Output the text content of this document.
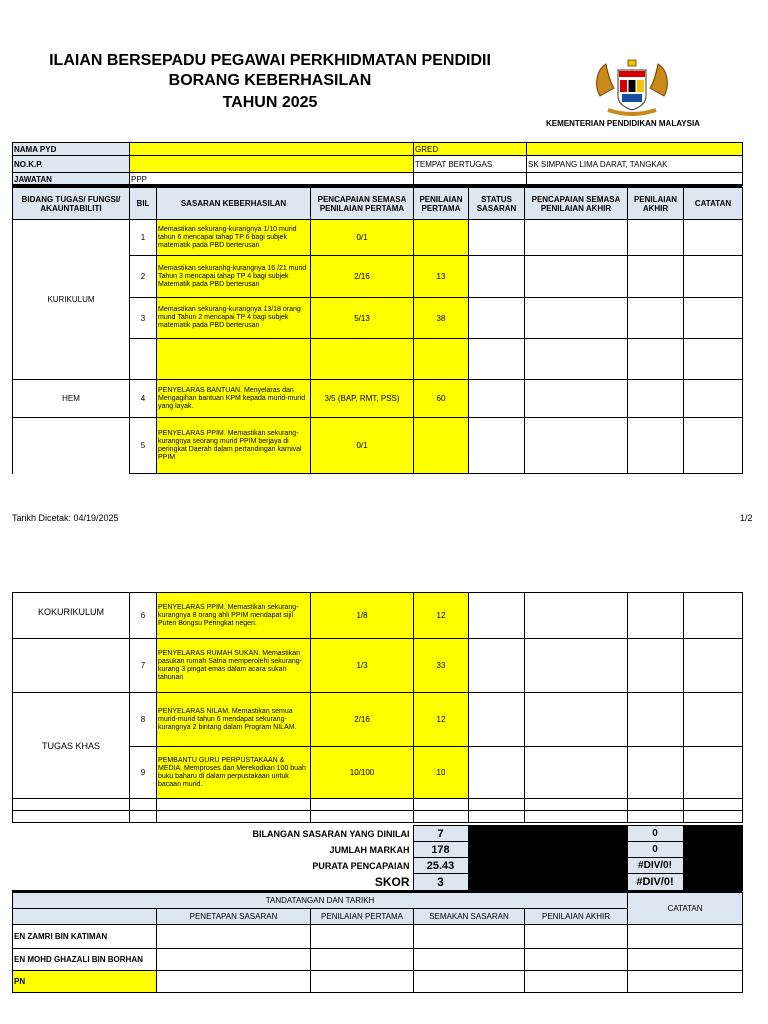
ILAIAN BERSEPADU PEGAWAI PERKHIDMATAN PENDIDII
BORANG KEBERHASILAN
TAHUN 2025
KEMENTERIAN PENDIDIKAN MALAYSIA
NAMA PYD		GRED	
NO.K.P.		TEMPAT BERTUGAS	SK SIMPANG LIMA DARAT, TANGKAK
JAWATAN	PPP		
BIDANG TUGAS/ FUNGSI/ AKAUNTABILITI	BIL	SASARAN KEBERHASILAN	PENCAPAIAN SEMASA PENILAIAN PERTAMA	PENILAIAN PERTAMA	STATUS SASARAN	PENCAPAIAN SEMASA PENILAIAN AKHIR	PENILAIAN AKHIR	CATATAN
KURIKULUM	1	Memastikan sekurang-kurangnya 1/10 murid tahun 6 mencapai tahap TP 6 bagi subjek matematik pada PBD berterusan	0/1					
	2	Memastikan sekuranhg-kurangnya 16 /21 murid Tahun 3 mencapai tahap TP 4 bagi subjek Matematik pada PBD berterusan	2/16	13				
	3	Memastikan sekurang-kurangnya 13/18 orang murid Tahun 2 mencapai TP 4 bagi subjek matematik pada PBD berterusan	5/13	38				

HEM	4	PENYELARAS BANTUAN. Menyelaras dan Mengagihan bantuan KPM kepada murid-murid yang layak.	3/5 (BAP, RMT, PSS)	60				
	5	PENYELARAS PPIM. Memastikan sekurang-kurangnya seorang murid PPIM berjaya di peringkat Daerah dalam pertandingan karnival PPIM	0/1					
Tarikh Dicetak: 04/19/2025	1/2
KOKURIKULUM	6	PENYELARAS PPIM. Memastikan sekurang-kurangnya 8 orang ahli PPIM mendapat sijil Puteri Bongsu Peringkat negeri.	1/8	12				
	7	PENYELARAS RUMAH SUKAN. Memastikan pasukan rumah Satria memperolehi sekurang-kurang 3 pingat emas dalam acara sukan tahunan	1/3	33				
TUGAS KHAS	8	PENYELARAS NILAM. Memastikan semua murid-murid tahun 6 mendapat sekurang-kurangnya 2 bintang dalam Program NILAM.	2/16	12				
	9	PEMBANTU GURU PERPUSTAKAAN & MEDIA. Memproses dan Merekodkan 100 buah buku baharu di dalam perpustakaan untuk bacaan murid.	10/100	10				

BILANGAN SASARAN YANG DINILAI	7		0	
JUMLAH MARKAH	178		0	
PURATA PENCAPAIAN	25.43		#DIV/0!	
SKOR	3		#DIV/0!	
TANDATANGAN DAN TARIKH					CATATAN
	PENETAPAN SASARAN	PENILAIAN PERTAMA	SEMAKAN SASARAN	PENILAIAN AKHIR	
EN ZAMRI BIN KATIMAN					
EN MOHD GHAZALI BIN BORHAN					
PN					
